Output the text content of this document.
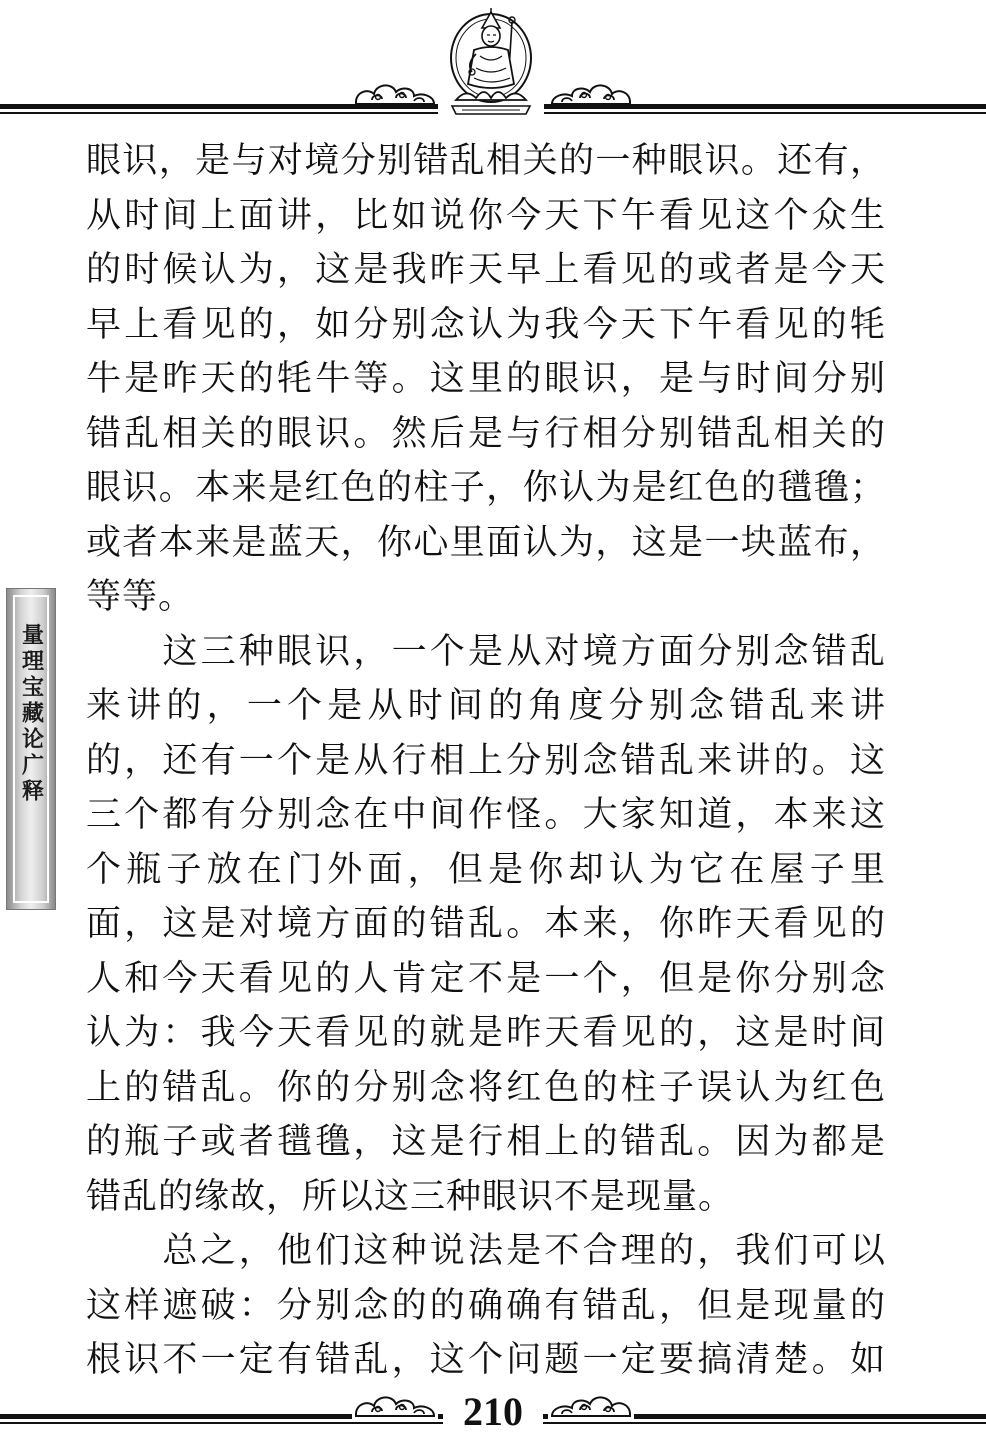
量理宝藏论广释
眼识，是与对境分别错乱相关的一种眼识。还有，
从时间上面讲，比如说你今天下午看见这个众生
的时候认为，这是我昨天早上看见的或者是今天
早上看见的，如分别念认为我今天下午看见的牦
牛是昨天的牦牛等。这里的眼识，是与时间分别
错乱相关的眼识。然后是与行相分别错乱相关的
眼识。本来是红色的柱子，你认为是红色的氆氇；
或者本来是蓝天，你心里面认为，这是一块蓝布，
等等。
　　这三种眼识，一个是从对境方面分别念错乱
来讲的，一个是从时间的角度分别念错乱来讲
的，还有一个是从行相上分别念错乱来讲的。这
三个都有分别念在中间作怪。大家知道，本来这
个瓶子放在门外面，但是你却认为它在屋子里
面，这是对境方面的错乱。本来，你昨天看见的
人和今天看见的人肯定不是一个，但是你分别念
认为：我今天看见的就是昨天看见的，这是时间
上的错乱。你的分别念将红色的柱子误认为红色
的瓶子或者氆氇，这是行相上的错乱。因为都是
错乱的缘故，所以这三种眼识不是现量。
　　总之，他们这种说法是不合理的，我们可以
这样遮破：分别念的的确确有错乱，但是现量的
根识不一定有错乱，这个问题一定要搞清楚。如
210
